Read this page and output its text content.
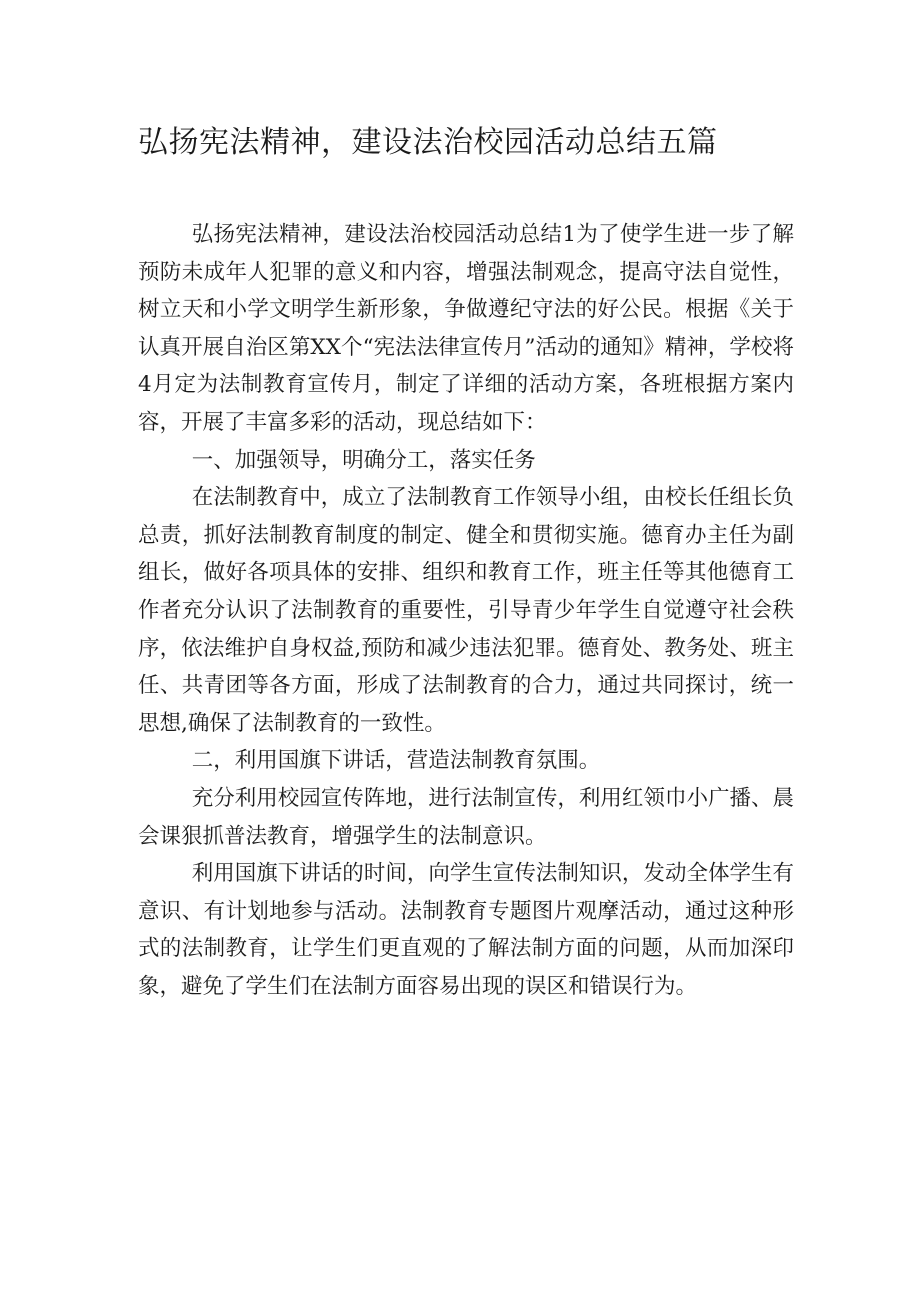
弘扬宪法精神，建设法治校园活动总结五篇

弘扬宪法精神，建设法治校园活动总结1为了使学生进一步了解预防未成年人犯罪的意义和内容，增强法制观念，提高守法自觉性，树立天和小学文明学生新形象，争做遵纪守法的好公民。根据《关于认真开展自治区第XX个“宪法法律宣传月”活动的通知》精神，学校将4月定为法制教育宣传月，制定了详细的活动方案，各班根据方案内容，开展了丰富多彩的活动，现总结如下：

一、加强领导，明确分工，落实任务

在法制教育中，成立了法制教育工作领导小组，由校长任组长负总责，抓好法制教育制度的制定、健全和贯彻实施。德育办主任为副组长，做好各项具体的安排、组织和教育工作，班主任等其他德育工作者充分认识了法制教育的重要性，引导青少年学生自觉遵守社会秩序，依法维护自身权益,预防和减少违法犯罪。德育处、教务处、班主任、共青团等各方面，形成了法制教育的合力，通过共同探讨，统一思想,确保了法制教育的一致性。

二，利用国旗下讲话，营造法制教育氛围。

充分利用校园宣传阵地，进行法制宣传，利用红领巾小广播、晨会课狠抓普法教育，增强学生的法制意识。

利用国旗下讲话的时间，向学生宣传法制知识，发动全体学生有意识、有计划地参与活动。法制教育专题图片观摩活动，通过这种形式的法制教育，让学生们更直观的了解法制方面的问题，从而加深印象，避免了学生们在法制方面容易出现的误区和错误行为。
